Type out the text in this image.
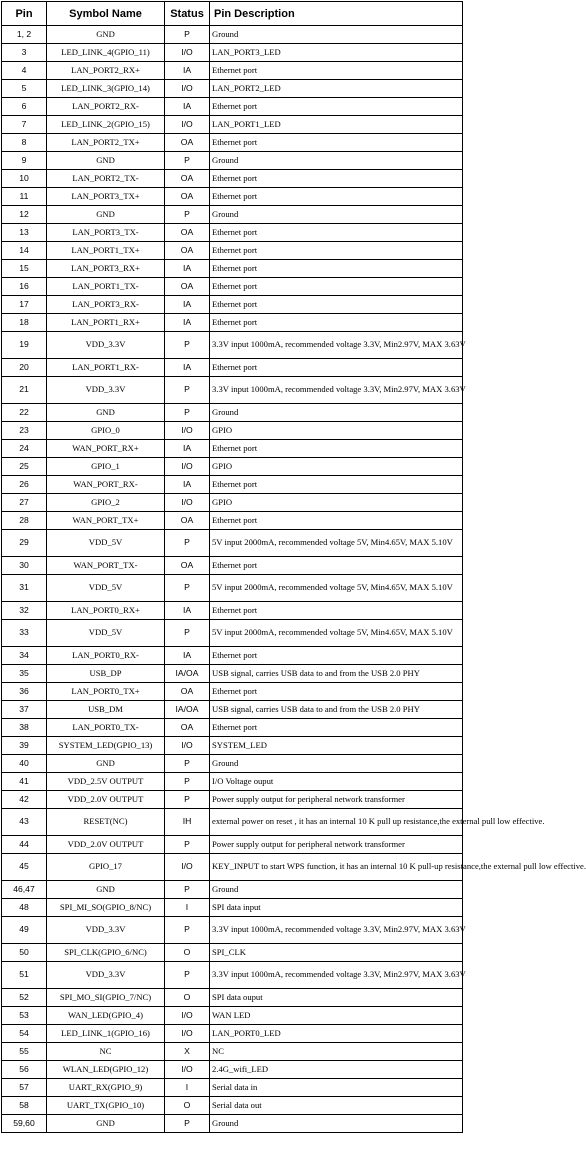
Pin	Symbol Name	Status	Pin Description
1, 2	GND	P	Ground
3	LED_LINK_4(GPIO_11)	I/O	LAN_PORT3_LED
4	LAN_PORT2_RX+	IA	Ethernet port
5	LED_LINK_3(GPIO_14)	I/O	LAN_PORT2_LED
6	LAN_PORT2_RX-	IA	Ethernet port
7	LED_LINK_2(GPIO_15)	I/O	LAN_PORT1_LED
8	LAN_PORT2_TX+	OA	Ethernet port
9	GND	P	Ground
10	LAN_PORT2_TX-	OA	Ethernet port
11	LAN_PORT3_TX+	OA	Ethernet port
12	GND	P	Ground
13	LAN_PORT3_TX-	OA	Ethernet port
14	LAN_PORT1_TX+	OA	Ethernet port
15	LAN_PORT3_RX+	IA	Ethernet port
16	LAN_PORT1_TX-	OA	Ethernet port
17	LAN_PORT3_RX-	IA	Ethernet port
18	LAN_PORT1_RX+	IA	Ethernet port
19	VDD_3.3V	P	3.3V input 1000mA, recommended voltage 3.3V, Min2.97V, MAX 3.63V
20	LAN_PORT1_RX-	IA	Ethernet port
21	VDD_3.3V	P	3.3V input 1000mA, recommended voltage 3.3V, Min2.97V, MAX 3.63V
22	GND	P	Ground
23	GPIO_0	I/O	GPIO
24	WAN_PORT_RX+	IA	Ethernet port
25	GPIO_1	I/O	GPIO
26	WAN_PORT_RX-	IA	Ethernet port
27	GPIO_2	I/O	GPIO
28	WAN_PORT_TX+	OA	Ethernet port
29	VDD_5V	P	5V input 2000mA, recommended voltage 5V, Min4.65V, MAX 5.10V
30	WAN_PORT_TX-	OA	Ethernet port
31	VDD_5V	P	5V input 2000mA, recommended voltage 5V, Min4.65V, MAX 5.10V
32	LAN_PORT0_RX+	IA	Ethernet port
33	VDD_5V	P	5V input 2000mA, recommended voltage 5V, Min4.65V, MAX 5.10V
34	LAN_PORT0_RX-	IA	Ethernet port
35	USB_DP	IA/OA	USB signal, carries USB data to and from the USB 2.0 PHY
36	LAN_PORT0_TX+	OA	Ethernet port
37	USB_DM	IA/OA	USB signal, carries USB data to and from the USB 2.0 PHY
38	LAN_PORT0_TX-	OA	Ethernet port
39	SYSTEM_LED(GPIO_13)	I/O	SYSTEM_LED
40	GND	P	Ground
41	VDD_2.5V OUTPUT	P	I/O Voltage ouput
42	VDD_2.0V OUTPUT	P	Power supply output for peripheral network transformer
43	RESET(NC)	IH	external power on reset , it has an internal 10 K pull up resistance,the external pull low effective.
44	VDD_2.0V OUTPUT	P	Power supply output for peripheral network transformer
45	GPIO_17	I/O	KEY_INPUT to start WPS function, it has an internal 10 K pull-up resistance,the external pull low effective.
46,47	GND	P	Ground
48	SPI_MI_SO(GPIO_8/NC)	I	SPI data input
49	VDD_3.3V	P	3.3V input 1000mA, recommended voltage 3.3V, Min2.97V, MAX 3.63V
50	SPI_CLK(GPIO_6/NC)	O	SPI_CLK
51	VDD_3.3V	P	3.3V input 1000mA, recommended voltage 3.3V, Min2.97V, MAX 3.63V
52	SPI_MO_SI(GPIO_7/NC)	O	SPI data ouput
53	WAN_LED(GPIO_4)	I/O	WAN LED
54	LED_LINK_1(GPIO_16)	I/O	LAN_PORT0_LED
55	NC	X	NC
56	WLAN_LED(GPIO_12)	I/O	2.4G_wifi_LED
57	UART_RX(GPIO_9)	I	Serial data in
58	UART_TX(GPIO_10)	O	Serial data out
59,60	GND	P	Ground
